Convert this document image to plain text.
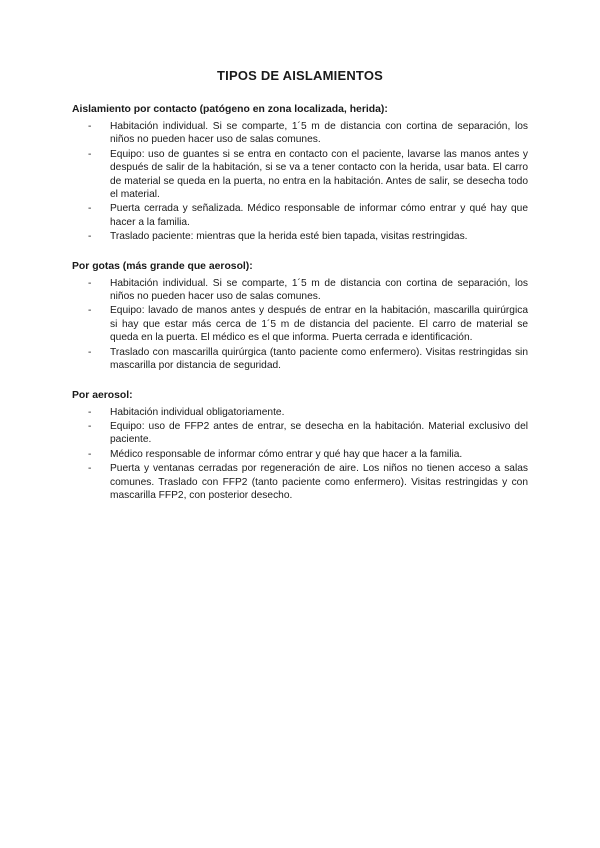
TIPOS DE AISLAMIENTOS
Aislamiento por contacto (patógeno en zona localizada, herida):
- Habitación individual. Si se comparte, 1´5 m de distancia con cortina de separación, los niños no pueden hacer uso de salas comunes.
- Equipo: uso de guantes si se entra en contacto con el paciente, lavarse las manos antes y después de salir de la habitación, si se va a tener contacto con la herida, usar bata. El carro de material se queda en la puerta, no entra en la habitación. Antes de salir, se desecha todo el material.
- Puerta cerrada y señalizada. Médico responsable de informar cómo entrar y qué hay que hacer a la familia.
- Traslado paciente: mientras que la herida esté bien tapada, visitas restringidas.
Por gotas (más grande que aerosol):
- Habitación individual. Si se comparte, 1´5 m de distancia con cortina de separación, los niños no pueden hacer uso de salas comunes.
- Equipo: lavado de manos antes y después de entrar en la habitación, mascarilla quirúrgica si hay que estar más cerca de 1´5 m de distancia del paciente. El carro de material se queda en la puerta. El médico es el que informa. Puerta cerrada e identificación.
- Traslado con mascarilla quirúrgica (tanto paciente como enfermero). Visitas restringidas sin mascarilla por distancia de seguridad.
Por aerosol:
- Habitación individual obligatoriamente.
- Equipo: uso de FFP2 antes de entrar, se desecha en la habitación. Material exclusivo del paciente.
- Médico responsable de informar cómo entrar y qué hay que hacer a la familia.
- Puerta y ventanas cerradas por regeneración de aire. Los niños no tienen acceso a salas comunes. Traslado con FFP2 (tanto paciente como enfermero). Visitas restringidas y con mascarilla FFP2, con posterior desecho.
